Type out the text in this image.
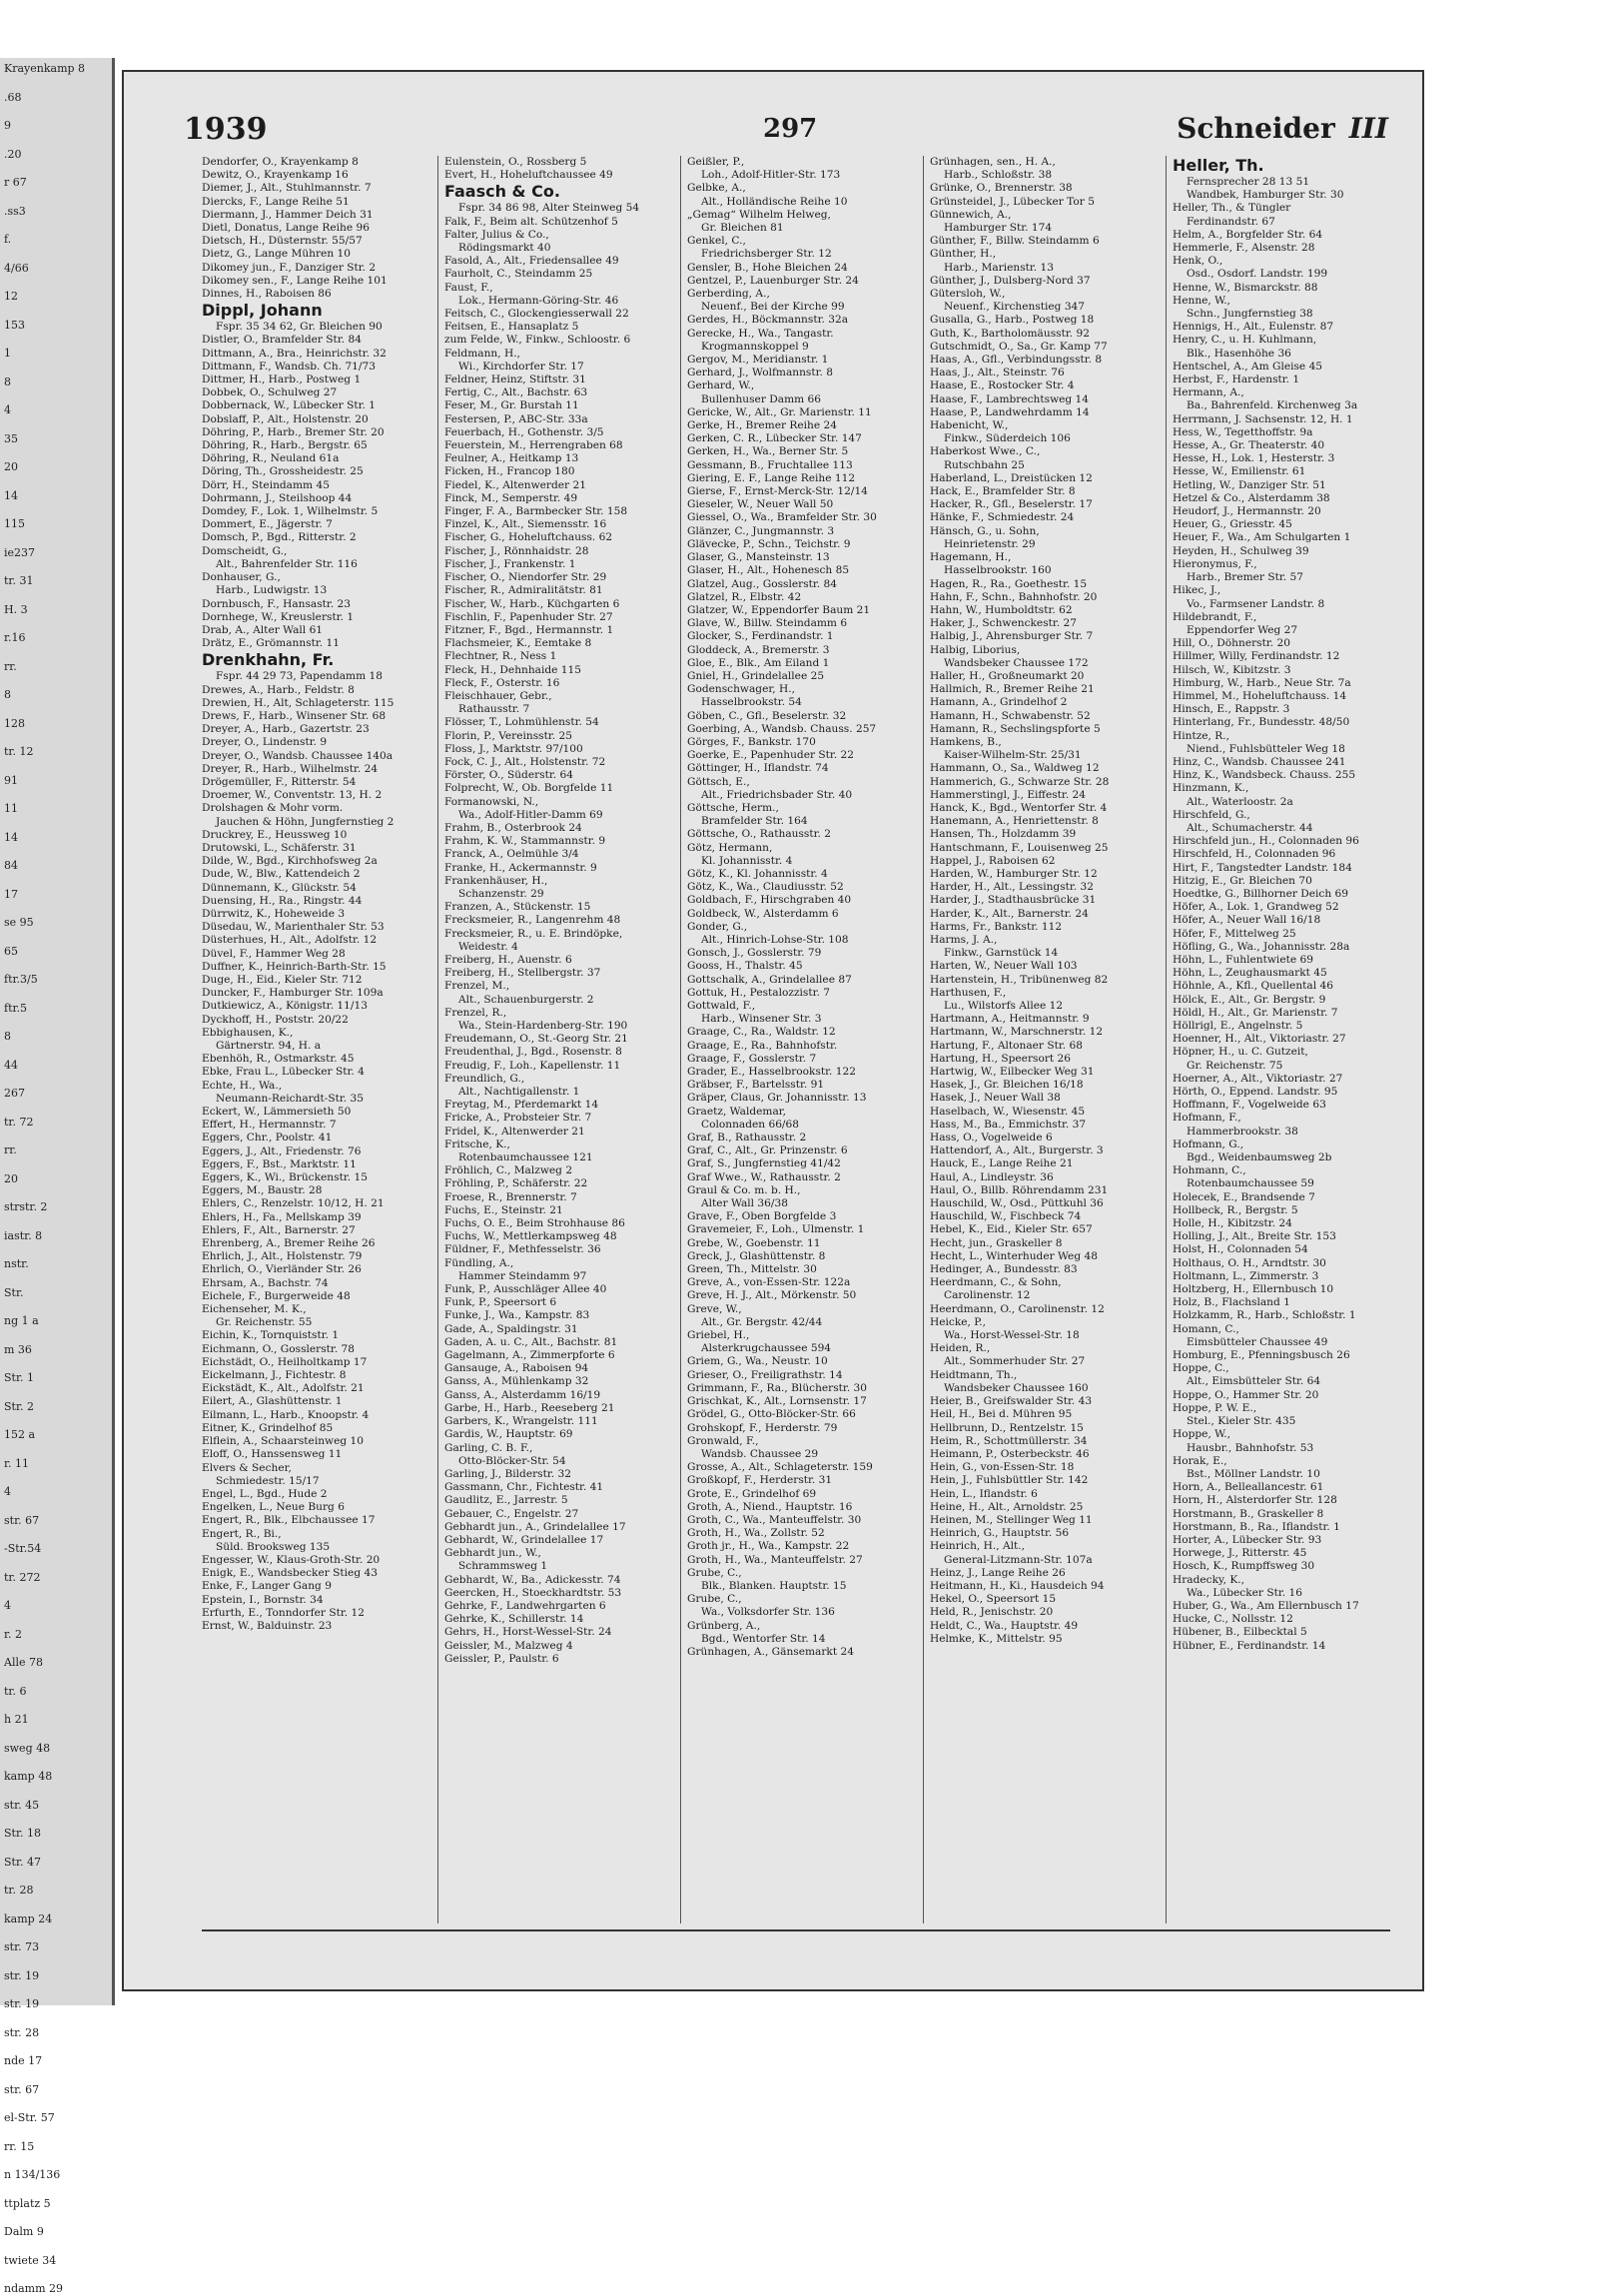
Krayenkamp 8
.68
9
.20
r 67
.ss3
f.
4/66
12
153
1
8
4
35
20
14
115
ie237
tr. 31
H. 3
r.16
rr.
8
128
tr. 12
91
11
14
84
17
se 95
65
ftr.3/5
ftr.5
8
44
267
tr. 72
rr.
20
strstr. 2
iastr. 8
nstr.
Str.
ng 1 a
m 36
Str. 1
Str. 2
152 a
r. 11
4
str. 67
-Str.54
tr. 272
4
r. 2
Alle 78
tr. 6
h 21
sweg 48
kamp 48
str. 45
Str. 18
Str. 47
tr. 28
kamp 24
str. 73
str. 19
str. 19
str. 28
nde 17
str. 67
el-Str. 57
rr. 15
n 134/136
ttplatz 5
Dalm 9
twiete 34
ndamm 29
1939	297	Schneider III
Dendorfer, O., Krayenkamp 8
Dewitz, O., Krayenkamp 16
Diemer, J., Alt., Stuhlmannstr. 7
Diercks, F., Lange Reihe 51
Diermann, J., Hammer Deich 31
Dietl, Donatus, Lange Reihe 96
Dietsch, H., Düsternstr. 55/57
Dietz, G., Lange Mühren 10
Dikomey jun., F., Danziger Str. 2
Dikomey sen., F., Lange Reihe 101
Dinnes, H., Raboisen 86
Dippl, Johann
Fspr. 35 34 62, Gr. Bleichen 90
Distler, O., Bramfelder Str. 84
Dittmann, A., Bra., Heinrichstr. 32
Dittmann, F., Wandsb. Ch. 71/73
Dittmer, H., Harb., Postweg 1
Dobbek, O., Schulweg 27
Dobbernack, W., Lübecker Str. 1
Dobslaff, P., Alt., Holstenstr. 20
Döhring, P., Harb., Bremer Str. 20
Döhring, R., Harb., Bergstr. 65
Döhring, R., Neuland 61a
Döring, Th., Grossheidestr. 25
Dörr, H., Steindamm 45
Dohrmann, J., Steilshoop 44
Domdey, F., Lok. 1, Wilhelmstr. 5
Dommert, E., Jägerstr. 7
Domsch, P., Bgd., Ritterstr. 2
Domscheidt, G.,
Alt., Bahrenfelder Str. 116
Donhauser, G.,
Harb., Ludwigstr. 13
Dornbusch, F., Hansastr. 23
Dornhege, W., Kreuslerstr. 1
Drab, A., Alter Wall 61
Drätz, E., Grömannstr. 11
Drenkhahn, Fr.
Fspr. 44 29 73, Papendamm 18
Drewes, A., Harb., Feldstr. 8
Drewien, H., Alt, Schlageterstr. 115
Drews, F., Harb., Winsener Str. 68
Dreyer, A., Harb., Gazertstr. 23
Dreyer, O., Lindenstr. 9
Dreyer, O., Wandsb. Chaussee 140a
Dreyer, R., Harb., Wilhelmstr. 24
Drögemüller, F., Ritterstr. 54
Droemer, W., Conventstr. 13, H. 2
Drolshagen & Mohr vorm.
Jauchen & Höhn, Jungfernstieg 2
Druckrey, E., Heussweg 10
Drutowski, L., Schäferstr. 31
Dilde, W., Bgd., Kirchhofsweg 2a
Dude, W., Blw., Kattendeich 2
Dünnemann, K., Glückstr. 54
Duensing, H., Ra., Ringstr. 44
Dürrwitz, K., Hoheweide 3
Düsedau, W., Marienthaler Str. 53
Düsterhues, H., Alt., Adolfstr. 12
Düvel, F., Hammer Weg 28
Duffner, K., Heinrich-Barth-Str. 15
Duge, H., Eid., Kieler Str. 712
Duncker, F., Hamburger Str. 109a
Dutkiewicz, A., Königstr. 11/13
Dyckhoff, H., Poststr. 20/22
Ebbighausen, K.,
Gärtnerstr. 94, H. a
Ebenhöh, R., Ostmarkstr. 45
Ebke, Frau L., Lübecker Str. 4
Echte, H., Wa.,
Neumann-Reichardt-Str. 35
Eckert, W., Lämmersieth 50
Effert, H., Hermannstr. 7
Eggers, Chr., Poolstr. 41
Eggers, J., Alt., Friedenstr. 76
Eggers, F., Bst., Marktstr. 11
Eggers, K., Wi., Brückenstr. 15
Eggers, M., Baustr. 28
Ehlers, C., Renzelstr. 10/12, H. 21
Ehlers, H., Fa., Mellskamp 39
Ehlers, F., Alt., Barnerstr. 27
Ehrenberg, A., Bremer Reihe 26
Ehrlich, J., Alt., Holstenstr. 79
Ehrlich, O., Vierländer Str. 26
Ehrsam, A., Bachstr. 74
Eichele, F., Burgerweide 48
Eichenseher, M. K.,
Gr. Reichenstr. 55
Eichin, K., Tornquiststr. 1
Eichmann, O., Gosslerstr. 78
Eichstädt, O., Heilholtkamp 17
Eickelmann, J., Fichtestr. 8
Eickstädt, K., Alt., Adolfstr. 21
Eilert, A., Glashüttenstr. 1
Eilmann, L., Harb., Knoopstr. 4
Eitner, K., Grindelhof 85
Elflein, A., Schaarsteinweg 10
Eloff, O., Hanssensweg 11
Elvers & Secher,
Schmiedestr. 15/17
Engel, L., Bgd., Hude 2
Engelken, L., Neue Burg 6
Engert, R., Blk., Elbchaussee 17
Engert, R., Bi.,
Süld. Brooksweg 135
Engesser, W., Klaus-Groth-Str. 20
Enigk, E., Wandsbecker Stieg 43
Enke, F., Langer Gang 9
Epstein, I., Bornstr. 34
Erfurth, E., Tonndorfer Str. 12
Ernst, W., Balduinstr. 23
Eulenstein, O., Rossberg 5
Evert, H., Hoheluftchaussee 49
Faasch & Co.
Fspr. 34 86 98, Alter Steinweg 54
Falk, F., Beim alt. Schützenhof 5
Falter, Julius & Co.,
Rödingsmarkt 40
Fasold, A., Alt., Friedensallee 49
Faurholt, C., Steindamm 25
Faust, F.,
Lok., Hermann-Göring-Str. 46
Feitsch, C., Glockengiesserwall 22
Feitsen, E., Hansaplatz 5
zum Felde, W., Finkw., Schloostr. 6
Feldmann, H.,
Wi., Kirchdorfer Str. 17
Feldner, Heinz, Stiftstr. 31
Fertig, C., Alt., Bachstr. 63
Feser, M., Gr. Burstah 11
Festersen, P., ABC-Str. 33a
Feuerbach, H., Gothenstr. 3/5
Feuerstein, M., Herrengraben 68
Feulner, A., Heitkamp 13
Ficken, H., Francop 180
Fiedel, K., Altenwerder 21
Finck, M., Semperstr. 49
Finger, F. A., Barmbecker Str. 158
Finzel, K., Alt., Siemensstr. 16
Fischer, G., Hoheluftchauss. 62
Fischer, J., Rönnhaidstr. 28
Fischer, J., Frankenstr. 1
Fischer, O., Niendorfer Str. 29
Fischer, R., Admiralitätstr. 81
Fischer, W., Harb., Küchgarten 6
Fischlin, F., Papenhuder Str. 27
Fitzner, F., Bgd., Hermannstr. 1
Flachsmeier, K., Eemtake 8
Flechtner, R., Ness 1
Fleck, H., Dehnhaide 115
Fleck, F., Osterstr. 16
Fleischhauer, Gebr.,
Rathausstr. 7
Flösser, T., Lohmühlenstr. 54
Florin, P., Vereinsstr. 25
Floss, J., Marktstr. 97/100
Fock, C. J., Alt., Holstenstr. 72
Förster, O., Süderstr. 64
Folprecht, W., Ob. Borgfelde 11
Formanowski, N.,
Wa., Adolf-Hitler-Damm 69
Frahm, B., Osterbrook 24
Frahm, K. W., Stammannstr. 9
Franck, A., Oelmühle 3/4
Franke, H., Ackermannstr. 9
Frankenhäuser, H.,
Schanzenstr. 29
Franzen, A., Stückenstr. 15
Frecksmeier, R., Langenrehm 48
Frecksmeier, R., u. E. Brindöpke,
Weidestr. 4
Freiberg, H., Auenstr. 6
Freiberg, H., Stellbergstr. 37
Frenzel, M.,
Alt., Schauenburgerstr. 2
Frenzel, R.,
Wa., Stein-Hardenberg-Str. 190
Freudemann, O., St.-Georg Str. 21
Freudenthal, J., Bgd., Rosenstr. 8
Freudig, F., Loh., Kapellenstr. 11
Freundlich, G.,
Alt., Nachtigallenstr. 1
Freytag, M., Pferdemarkt 14
Fricke, A., Probsteier Str. 7
Fridel, K., Altenwerder 21
Fritsche, K.,
Rotenbaumchaussee 121
Fröhlich, C., Malzweg 2
Fröhling, P., Schäferstr. 22
Froese, R., Brennerstr. 7
Fuchs, E., Steinstr. 21
Fuchs, O. E., Beim Strohhause 86
Fuchs, W., Mettlerkampsweg 48
Füldner, F., Methfesselstr. 36
Fündling, A.,
Hammer Steindamm 97
Funk, P., Ausschläger Allee 40
Funk, P., Speersort 6
Funke, J., Wa., Kampstr. 83
Gade, A., Spaldingstr. 31
Gaden, A. u. C., Alt., Bachstr. 81
Gagelmann, A., Zimmerpforte 6
Gansauge, A., Raboisen 94
Ganss, A., Mühlenkamp 32
Ganss, A., Alsterdamm 16/19
Garbe, H., Harb., Reeseberg 21
Garbers, K., Wrangelstr. 111
Gardis, W., Hauptstr. 69
Garling, C. B. F.,
Otto-Blöcker-Str. 54
Garling, J., Bilderstr. 32
Gassmann, Chr., Fichtestr. 41
Gaudlitz, E., Jarrestr. 5
Gebauer, C., Engelstr. 27
Gebhardt jun., A., Grindelallee 17
Gebhardt, W., Grindelallee 17
Gebhardt jun., W.,
Schrammsweg 1
Gebhardt, W., Ba., Adickesstr. 74
Geercken, H., Stoeckhardtstr. 53
Gehrke, F., Landwehrgarten 6
Gehrke, K., Schillerstr. 14
Gehrs, H., Horst-Wessel-Str. 24
Geissler, M., Malzweg 4
Geissler, P., Paulstr. 6
Geißler, P.,
Loh., Adolf-Hitler-Str. 173
Gelbke, A.,
Alt., Holländische Reihe 10
„Gemag“ Wilhelm Helweg,
Gr. Bleichen 81
Genkel, C.,
Friedrichsberger Str. 12
Gensler, B., Hohe Bleichen 24
Gentzel, P., Lauenburger Str. 24
Gerberding, A.,
Neuenf., Bei der Kirche 99
Gerdes, H., Böckmannstr. 32a
Gerecke, H., Wa., Tangastr.
Krogmannskoppel 9
Gergov, M., Meridianstr. 1
Gerhard, J., Wolfmannstr. 8
Gerhard, W.,
Bullenhuser Damm 66
Gericke, W., Alt., Gr. Marienstr. 11
Gerke, H., Bremer Reihe 24
Gerken, C. R., Lübecker Str. 147
Gerken, H., Wa., Berner Str. 5
Gessmann, B., Fruchtallee 113
Giering, E. F., Lange Reihe 112
Gierse, F., Ernst-Merck-Str. 12/14
Gieseler, W., Neuer Wall 50
Giessel, O., Wa., Bramfelder Str. 30
Glänzer, C., Jungmannstr. 3
Glävecke, P., Schn., Teichstr. 9
Glaser, G., Mansteinstr. 13
Glaser, H., Alt., Hohenesch 85
Glatzel, Aug., Gosslerstr. 84
Glatzel, R., Elbstr. 42
Glatzer, W., Eppendorfer Baum 21
Glave, W., Billw. Steindamm 6
Glocker, S., Ferdinandstr. 1
Gloddeck, A., Bremerstr. 3
Gloe, E., Blk., Am Eiland 1
Gniel, H., Grindelallee 25
Godenschwager, H.,
Hasselbrookstr. 54
Göben, C., Gfl., Beselerstr. 32
Goerbing, A., Wandsb. Chauss. 257
Görges, F., Bankstr. 170
Goerke, E., Papenhuder Str. 22
Göttinger, H., Iflandstr. 74
Göttsch, E.,
Alt., Friedrichsbader Str. 40
Göttsche, Herm.,
Bramfelder Str. 164
Göttsche, O., Rathausstr. 2
Götz, Hermann,
Kl. Johannisstr. 4
Götz, K., Kl. Johannisstr. 4
Götz, K., Wa., Claudiusstr. 52
Goldbach, F., Hirschgraben 40
Goldbeck, W., Alsterdamm 6
Gonder, G.,
Alt., Hinrich-Lohse-Str. 108
Gonsch, J., Gosslerstr. 79
Gooss, H., Thalstr. 45
Gottschalk, A., Grindelallee 87
Gottuk, H., Pestalozzistr. 7
Gottwald, F.,
Harb., Winsener Str. 3
Graage, C., Ra., Waldstr. 12
Graage, E., Ra., Bahnhofstr.
Graage, F., Gosslerstr. 7
Grader, E., Hasselbrookstr. 122
Gräbser, F., Bartelsstr. 91
Gräper, Claus, Gr. Johannisstr. 13
Graetz, Waldemar,
Colonnaden 66/68
Graf, B., Rathausstr. 2
Graf, C., Alt., Gr. Prinzenstr. 6
Graf, S., Jungfernstieg 41/42
Graf Wwe., W., Rathausstr. 2
Graul & Co. m. b. H.,
Alter Wall 36/38
Grave, F., Oben Borgfelde 3
Gravemeier, F., Loh., Ulmenstr. 1
Grebe, W., Goebenstr. 11
Greck, J., Glashüttenstr. 8
Green, Th., Mittelstr. 30
Greve, A., von-Essen-Str. 122a
Greve, H. J., Alt., Mörkenstr. 50
Greve, W.,
Alt., Gr. Bergstr. 42/44
Griebel, H.,
Alsterkrugchaussee 594
Griem, G., Wa., Neustr. 10
Grieser, O., Freiligrathstr. 14
Grimmann, F., Ra., Blücherstr. 30
Grischkat, K., Alt., Lornsenstr. 17
Grödel, G., Otto-Blöcker-Str. 66
Grohskopf, F., Herderstr. 79
Gronwald, F.,
Wandsb. Chaussee 29
Grosse, A., Alt., Schlageterstr. 159
Großkopf, F., Herderstr. 31
Grote, E., Grindelhof 69
Groth, A., Niend., Hauptstr. 16
Groth, C., Wa., Manteuffelstr. 30
Groth, H., Wa., Zollstr. 52
Groth jr., H., Wa., Kampstr. 22
Groth, H., Wa., Manteuffelstr. 27
Grube, C.,
Blk., Blanken. Hauptstr. 15
Grube, C.,
Wa., Volksdorfer Str. 136
Grünberg, A.,
Bgd., Wentorfer Str. 14
Grünhagen, A., Gänsemarkt 24
Grünhagen, sen., H. A.,
Harb., Schloßstr. 38
Grünke, O., Brennerstr. 38
Grünsteidel, J., Lübecker Tor 5
Günnewich, A.,
Hamburger Str. 174
Günther, F., Billw. Steindamm 6
Günther, H.,
Harb., Marienstr. 13
Günther, J., Dulsberg-Nord 37
Gütersloh, W.,
Neuenf., Kirchenstieg 347
Gusalla, G., Harb., Postweg 18
Guth, K., Bartholomäusstr. 92
Gutschmidt, O., Sa., Gr. Kamp 77
Haas, A., Gfl., Verbindungsstr. 8
Haas, J., Alt., Steinstr. 76
Haase, E., Rostocker Str. 4
Haase, F., Lambrechtsweg 14
Haase, P., Landwehrdamm 14
Habenicht, W.,
Finkw., Süderdeich 106
Haberkost Wwe., C.,
Rutschbahn 25
Haberland, L., Dreistücken 12
Hack, E., Bramfelder Str. 8
Hacker, R., Gfl., Beselerstr. 17
Hänke, F., Schmiedestr. 24
Hänsch, G., u. Sohn,
Heinrietenstr. 29
Hagemann, H.,
Hasselbrookstr. 160
Hagen, R., Ra., Goethestr. 15
Hahn, F., Schn., Bahnhofstr. 20
Hahn, W., Humboldtstr. 62
Haker, J., Schwenckestr. 27
Halbig, J., Ahrensburger Str. 7
Halbig, Liborius,
Wandsbeker Chaussee 172
Haller, H., Großneumarkt 20
Hallmich, R., Bremer Reihe 21
Hamann, A., Grindelhof 2
Hamann, H., Schwabenstr. 52
Hamann, R., Sechslingspforte 5
Hamkens, B.,
Kaiser-Wilhelm-Str. 25/31
Hammann, O., Sa., Waldweg 12
Hammerich, G., Schwarze Str. 28
Hammerstingl, J., Eiffestr. 24
Hanck, K., Bgd., Wentorfer Str. 4
Hanemann, A., Henriettenstr. 8
Hansen, Th., Holzdamm 39
Hantschmann, F., Louisenweg 25
Happel, J., Raboisen 62
Harden, W., Hamburger Str. 12
Harder, H., Alt., Lessingstr. 32
Harder, J., Stadthausbrücke 31
Harder, K., Alt., Barnerstr. 24
Harms, Fr., Bankstr. 112
Harms, J. A.,
Finkw., Garnstück 14
Harten, W., Neuer Wall 103
Hartenstein, H., Tribünenweg 82
Harthusen, F.,
Lu., Wilstorfs Allee 12
Hartmann, A., Heitmannstr. 9
Hartmann, W., Marschnerstr. 12
Hartung, F., Altonaer Str. 68
Hartung, H., Speersort 26
Hartwig, W., Eilbecker Weg 31
Hasek, J., Gr. Bleichen 16/18
Hasek, J., Neuer Wall 38
Haselbach, W., Wiesenstr. 45
Hass, M., Ba., Emmichstr. 37
Hass, O., Vogelweide 6
Hattendorf, A., Alt., Burgerstr. 3
Hauck, E., Lange Reihe 21
Haul, A., Lindleystr. 36
Haul, O., Billb. Röhrendamm 231
Hauschild, W., Osd., Püttkuhl 36
Hauschild, W., Fischbeck 74
Hebel, K., Eid., Kieler Str. 657
Hecht, jun., Graskeller 8
Hecht, L., Winterhuder Weg 48
Hedinger, A., Bundesstr. 83
Heerdmann, C., & Sohn,
Carolinenstr. 12
Heerdmann, O., Carolinenstr. 12
Heicke, P.,
Wa., Horst-Wessel-Str. 18
Heiden, R.,
Alt., Sommerhuder Str. 27
Heidtmann, Th.,
Wandsbeker Chaussee 160
Heier, B., Greifswalder Str. 43
Heil, H., Bei d. Mühren 95
Hellbrunn, D., Rentzelstr. 15
Heim, R., Schottmüllerstr. 34
Heimann, P., Osterbeckstr. 46
Hein, G., von-Essen-Str. 18
Hein, J., Fuhlsbüttler Str. 142
Hein, L., Iflandstr. 6
Heine, H., Alt., Arnoldstr. 25
Heinen, M., Stellinger Weg 11
Heinrich, G., Hauptstr. 56
Heinrich, H., Alt.,
General-Litzmann-Str. 107a
Heinz, J., Lange Reihe 26
Heitmann, H., Ki., Hausdeich 94
Hekel, O., Speersort 15
Held, R., Jenischstr. 20
Heldt, C., Wa., Hauptstr. 49
Helmke, K., Mittelstr. 95
Heller, Th.
Fernsprecher 28 13 51
Wandbek, Hamburger Str. 30
Heller, Th., & Tüngler
Ferdinandstr. 67
Helm, A., Borgfelder Str. 64
Hemmerle, F., Alsenstr. 28
Henk, O.,
Osd., Osdorf. Landstr. 199
Henne, W., Bismarckstr. 88
Henne, W.,
Schn., Jungfernstieg 38
Hennigs, H., Alt., Eulenstr. 87
Henry, C., u. H. Kuhlmann,
Blk., Hasenhöhe 36
Hentschel, A., Am Gleise 45
Herbst, F., Hardenstr. 1
Hermann, A.,
Ba., Bahrenfeld. Kirchenweg 3a
Herrmann, J. Sachsenstr. 12, H. 1
Hess, W., Tegetthoffstr. 9a
Hesse, A., Gr. Theaterstr. 40
Hesse, H., Lok. 1, Hesterstr. 3
Hesse, W., Emilienstr. 61
Hetling, W., Danziger Str. 51
Hetzel & Co., Alsterdamm 38
Heudorf, J., Hermannstr. 20
Heuer, G., Griesstr. 45
Heuer, F., Wa., Am Schulgarten 1
Heyden, H., Schulweg 39
Hieronymus, F.,
Harb., Bremer Str. 57
Hikec, J.,
Vo., Farmsener Landstr. 8
Hildebrandt, F.,
Eppendorfer Weg 27
Hill, O., Döhnerstr. 20
Hillmer, Willy, Ferdinandstr. 12
Hilsch, W., Kibitzstr. 3
Himburg, W., Harb., Neue Str. 7a
Himmel, M., Hoheluftchauss. 14
Hinsch, E., Rappstr. 3
Hinterlang, Fr., Bundesstr. 48/50
Hintze, R.,
Niend., Fuhlsbütteler Weg 18
Hinz, C., Wandsb. Chaussee 241
Hinz, K., Wandsbeck. Chauss. 255
Hinzmann, K.,
Alt., Waterloostr. 2a
Hirschfeld, G.,
Alt., Schumacherstr. 44
Hirschfeld jun., H., Colonnaden 96
Hirschfeld, H., Colonnaden 96
Hirt, F., Tangstedter Landstr. 184
Hitzig, E., Gr. Bleichen 70
Hoedtke, G., Billhorner Deich 69
Höfer, A., Lok. 1, Grandweg 52
Höfer, A., Neuer Wall 16/18
Höfer, F., Mittelweg 25
Höfling, G., Wa., Johannisstr. 28a
Höhn, L., Fuhlentwiete 69
Höhn, L., Zeughausmarkt 45
Höhnle, A., Kfl., Quellental 46
Hölck, E., Alt., Gr. Bergstr. 9
Höldl, H., Alt., Gr. Marienstr. 7
Höllrigl, E., Angelnstr. 5
Hoenner, H., Alt., Viktoriastr. 27
Höpner, H., u. C. Gutzeit,
Gr. Reichenstr. 75
Hoerner, A., Alt., Viktoriastr. 27
Hörth, O., Eppend. Landstr. 95
Hoffmann, F., Vogelweide 63
Hofmann, F.,
Hammerbrookstr. 38
Hofmann, G.,
Bgd., Weidenbaumsweg 2b
Hohmann, C.,
Rotenbaumchaussee 59
Holecek, E., Brandsende 7
Hollbeck, R., Bergstr. 5
Holle, H., Kibitzstr. 24
Holling, J., Alt., Breite Str. 153
Holst, H., Colonnaden 54
Holthaus, O. H., Arndtstr. 30
Holtmann, L., Zimmerstr. 3
Holtzberg, H., Ellernbusch 10
Holz, B., Flachsland 1
Holzkamm, R., Harb., Schloßstr. 1
Homann, C.,
Eimsbütteler Chaussee 49
Homburg, E., Pfenningsbusch 26
Hoppe, C.,
Alt., Eimsbütteler Str. 64
Hoppe, O., Hammer Str. 20
Hoppe, P. W. E.,
Stel., Kieler Str. 435
Hoppe, W.,
Hausbr., Bahnhofstr. 53
Horak, E.,
Bst., Möllner Landstr. 10
Horn, A., Belleallancestr. 61
Horn, H., Alsterdorfer Str. 128
Horstmann, B., Graskeller 8
Horstmann, B., Ra., Iflandstr. 1
Horter, A., Lübecker Str. 93
Horwege, J., Ritterstr. 45
Hosch, K., Rumpffsweg 30
Hradecky, K.,
Wa., Lübecker Str. 16
Huber, G., Wa., Am Ellernbusch 17
Hucke, C., Nollsstr. 12
Hübener, B., Eilbecktal 5
Hübner, E., Ferdinandstr. 14
